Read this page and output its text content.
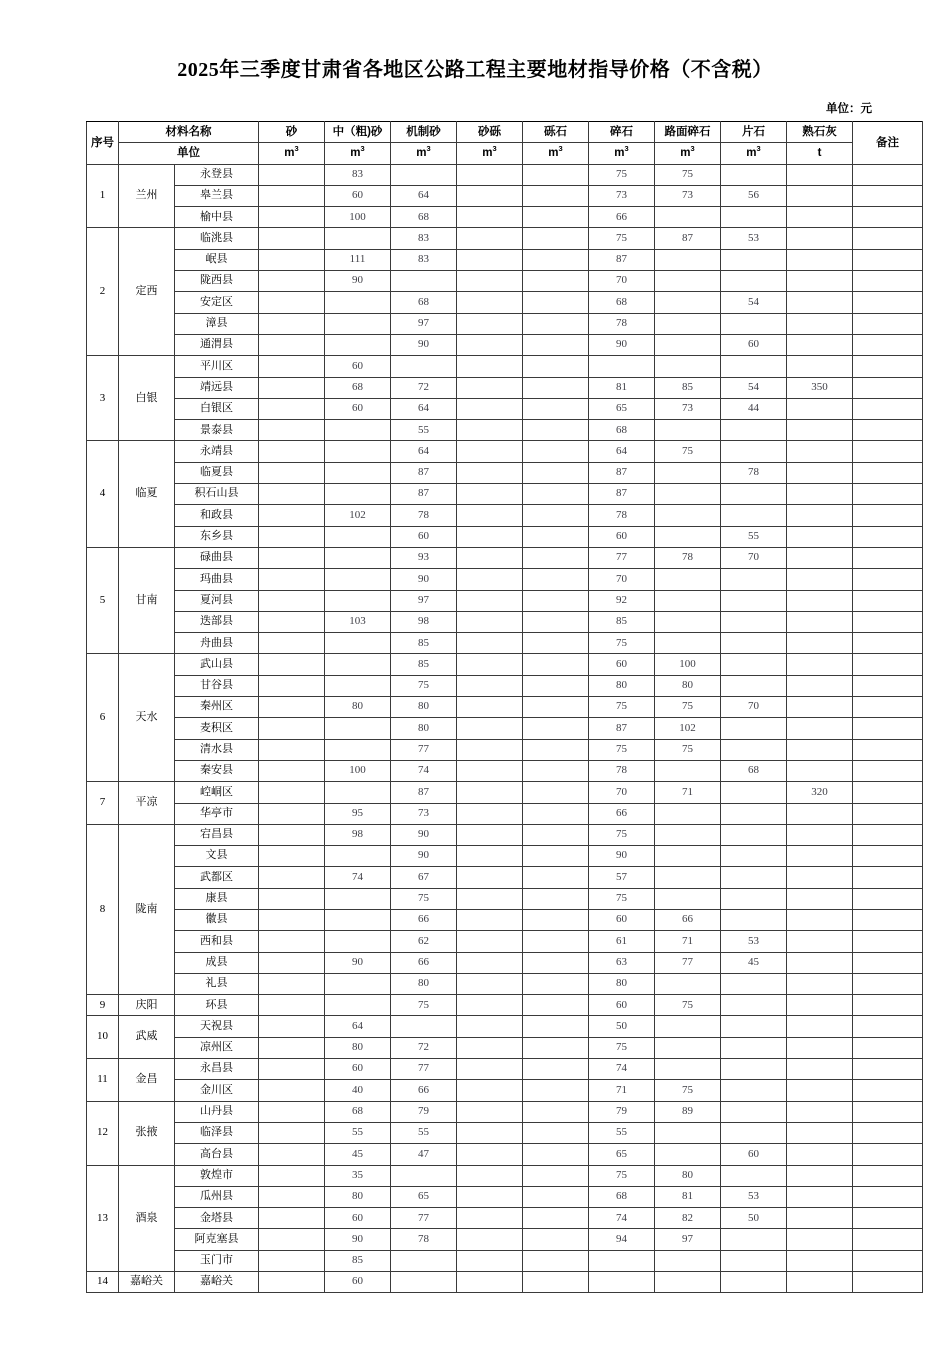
2025年三季度甘肃省各地区公路工程主要地材指导价格（不含税）
单位：元
序号	材料名称		砂	中（粗)砂	机制砂	砂砾	砾石	碎石	路面碎石	片石	熟石灰	备注
	单位		$m^3$	$m^3$	$m^3$	$m^3$	$m^3$	$m^3$	$m^3$	$m^3$	t	
1	兰州	永登县		83				75	75			
		皋兰县		60	64			73	73	56		
		榆中县		100	68			66				
2	定西	临洮县			83			75	87	53		
		岷县		111	83			87				
		陇西县		90				70				
		安定区			68			68		54		
		漳县			97			78				
		通渭县			90			90		60		
3	白银	平川区		60								
		靖远县		68	72			81	85	54	350	
		白银区		60	64			65	73	44		
		景泰县			55			68				
4	临夏	永靖县			64			64	75			
		临夏县			87			87		78		
		积石山县			87			87				
		和政县		102	78			78				
		东乡县			60			60		55		
5	甘南	碌曲县			93			77	78	70		
		玛曲县			90			70				
		夏河县			97			92				
		迭部县		103	98			85				
		舟曲县			85			75				
6	天水	武山县			85			60	100			
		甘谷县			75			80	80			
		秦州区		80	80			75	75	70		
		麦积区			80			87	102			
		清水县			77			75	75			
		秦安县		100	74			78		68		
7	平凉	崆峒区			87			70	71		320	
		华亭市		95	73			66				
8	陇南	宕昌县		98	90			75				
		文县			90			90				
		武都区		74	67			57				
		康县			75			75				
		徽县			66			60	66			
		西和县			62			61	71	53		
		成县		90	66			63	77	45		
		礼县			80			80				
9	庆阳	环县			75			60	75			
10	武威	天祝县		64				50				
		凉州区		80	72			75				
11	金昌	永昌县		60	77			74				
		金川区		40	66			71	75			
12	张掖	山丹县		68	79			79	89			
		临泽县		55	55			55				
		高台县		45	47			65		60		
13	酒泉	敦煌市		35				75	80			
		瓜州县		80	65			68	81	53		
		金塔县		60	77			74	82	50		
		阿克塞县		90	78			94	97			
		玉门市		85								
14	嘉峪关	嘉峪关		60								
